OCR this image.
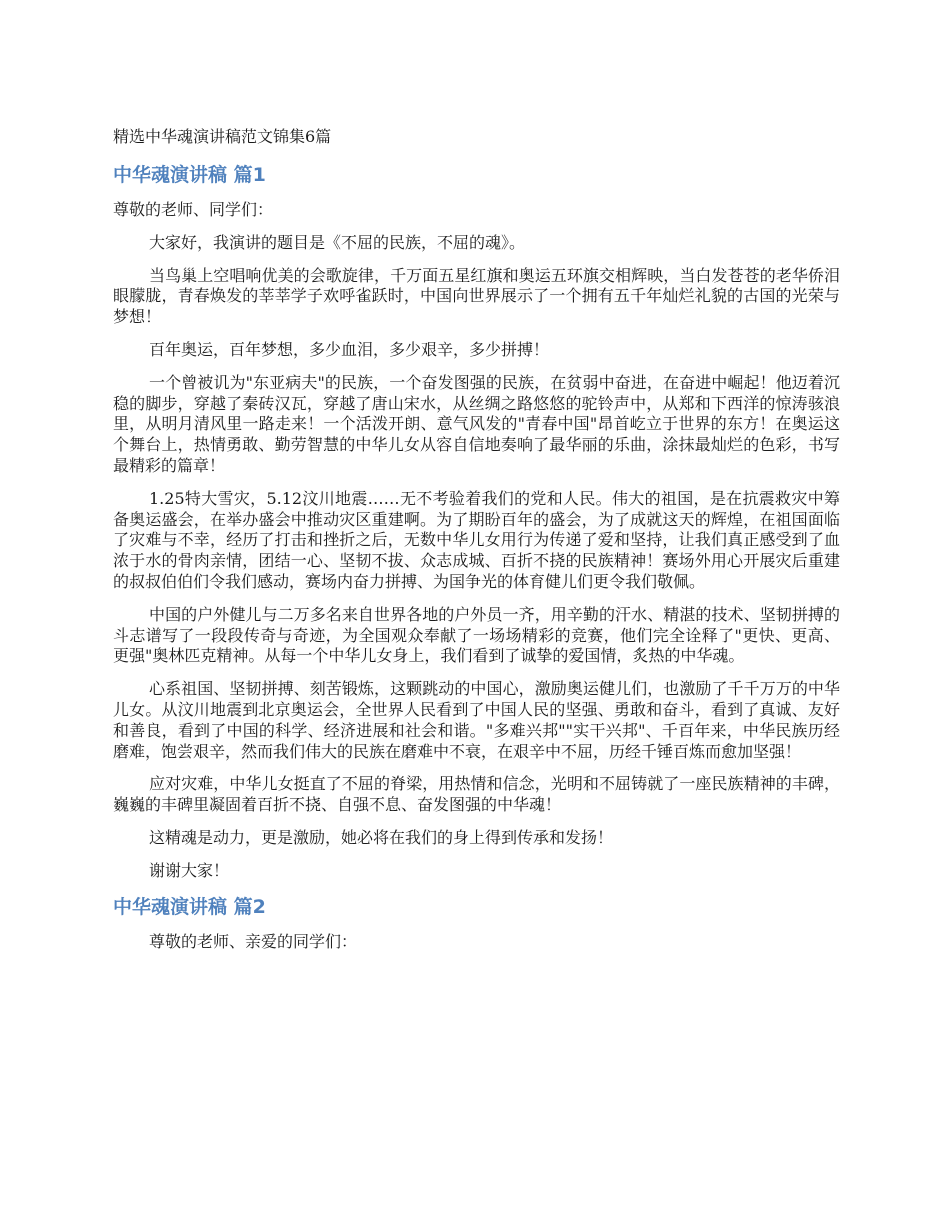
精选中华魂演讲稿范文锦集6篇
中华魂演讲稿 篇1

尊敬的老师、同学们：

大家好，我演讲的题目是《不屈的民族，不屈的魂》。

当鸟巢上空唱响优美的会歌旋律，千万面五星红旗和奥运五环旗交相辉映，当白发苍苍的老华侨泪眼朦胧，青春焕发的莘莘学子欢呼雀跃时，中国向世界展示了一个拥有五千年灿烂礼貌的古国的光荣与梦想！

百年奥运，百年梦想，多少血泪，多少艰辛，多少拼搏！

一个曾被讥为"东亚病夫"的民族，一个奋发图强的民族，在贫弱中奋进，在奋进中崛起！他迈着沉稳的脚步，穿越了秦砖汉瓦，穿越了唐山宋水，从丝绸之路悠悠的驼铃声中，从郑和下西洋的惊涛骇浪里，从明月清风里一路走来！一个活泼开朗、意气风发的"青春中国"昂首屹立于世界的东方！在奥运这个舞台上，热情勇敢、勤劳智慧的中华儿女从容自信地奏响了最华丽的乐曲，涂抹最灿烂的色彩，书写最精彩的篇章！

1.25特大雪灾，5.12汶川地震……无不考验着我们的党和人民。伟大的祖国，是在抗震救灾中筹备奥运盛会，在举办盛会中推动灾区重建啊。为了期盼百年的盛会，为了成就这天的辉煌，在祖国面临了灾难与不幸，经历了打击和挫折之后，无数中华儿女用行为传递了爱和坚持，让我们真正感受到了血浓于水的骨肉亲情，团结一心、坚韧不拔、众志成城、百折不挠的民族精神！赛场外用心开展灾后重建的叔叔伯伯们令我们感动，赛场内奋力拼搏、为国争光的体育健儿们更令我们敬佩。

中国的户外健儿与二万多名来自世界各地的户外员一齐，用辛勤的汗水、精湛的技术、坚韧拼搏的斗志谱写了一段段传奇与奇迹，为全国观众奉献了一场场精彩的竞赛，他们完全诠释了"更快、更高、更强"奥林匹克精神。从每一个中华儿女身上，我们看到了诚挚的爱国情，炙热的中华魂。

心系祖国、坚韧拼搏、刻苦锻炼，这颗跳动的中国心，激励奥运健儿们，也激励了千千万万的中华儿女。从汶川地震到北京奥运会，全世界人民看到了中国人民的坚强、勇敢和奋斗，看到了真诚、友好和善良，看到了中国的科学、经济进展和社会和谐。"多难兴邦""实干兴邦"、千百年来，中华民族历经磨难，饱尝艰辛，然而我们伟大的民族在磨难中不衰，在艰辛中不屈，历经千锤百炼而愈加坚强！

应对灾难，中华儿女挺直了不屈的脊梁，用热情和信念，光明和不屈铸就了一座民族精神的丰碑，巍巍的丰碑里凝固着百折不挠、自强不息、奋发图强的中华魂！

这精魂是动力，更是激励，她必将在我们的身上得到传承和发扬！

谢谢大家！

中华魂演讲稿 篇2

尊敬的老师、亲爱的同学们：
